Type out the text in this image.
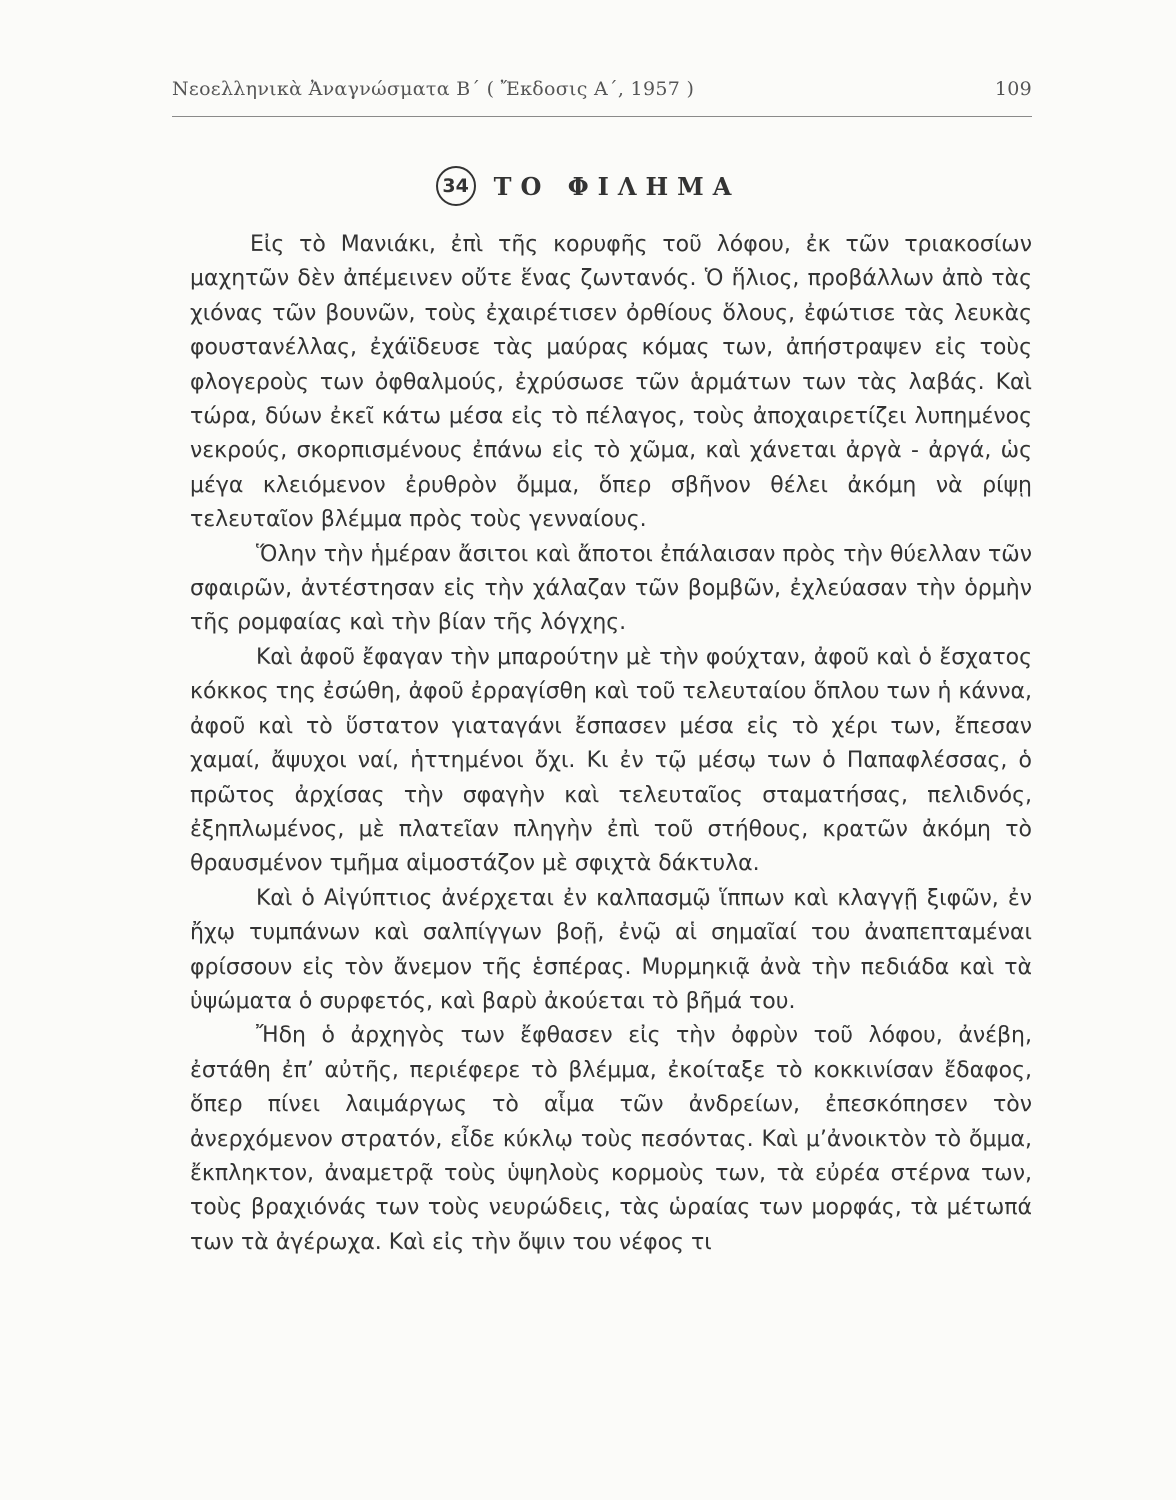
Νεοελληνικὰ Ἀναγνώσματα Β΄ ( Ἔκδοσις Α΄, 1957 )	109
34 ΤΟ ΦΙΛΗΜΑ

Εἰς τὸ Μανιάκι, ἐπὶ τῆς κορυφῆς τοῦ λόφου, ἐκ τῶν τριακοσίων μαχητῶν δὲν ἀπέμεινεν οὔτε ἕνας ζωντανός. Ὁ ἥλιος, προβάλλων ἀπὸ τὰς χιόνας τῶν βουνῶν, τοὺς ἐχαιρέτισεν ὀρθίους ὅλους, ἐφώτισε τὰς λευκὰς φουστανέλλας, ἐχάϊδευσε τὰς μαύρας κόμας των, ἀπήστραψεν εἰς τοὺς φλογεροὺς των ὀφθαλμούς, ἐχρύσωσε τῶν ἁρμάτων των τὰς λαβάς. Καὶ τώρα, δύων ἐκεῖ κάτω μέσα εἰς τὸ πέλαγος, τοὺς ἀποχαιρετίζει λυπημένος νεκρούς, σκορπισμένους ἐπάνω εἰς τὸ χῶμα, καὶ χάνεται ἀργὰ - ἀργά, ὡς μέγα κλειόμενον ἐρυθρὸν ὄμμα, ὅπερ σβῆνον θέλει ἀκόμη νὰ ρίψῃ τελευταῖον βλέμμα πρὸς τοὺς γενναίους.

Ὅλην τὴν ἡμέραν ἄσιτοι καὶ ἄποτοι ἐπάλαισαν πρὸς τὴν θύελλαν τῶν σφαιρῶν, ἀντέστησαν εἰς τὴν χάλαζαν τῶν βομβῶν, ἐχλεύασαν τὴν ὁρμὴν τῆς ρομφαίας καὶ τὴν βίαν τῆς λόγχης.

Καὶ ἀφοῦ ἔφαγαν τὴν μπαρούτην μὲ τὴν φούχταν, ἀφοῦ καὶ ὁ ἔσχατος κόκκος της ἐσώθη, ἀφοῦ ἐρραγίσθη καὶ τοῦ τελευταίου ὅπλου των ἡ κάννα, ἀφοῦ καὶ τὸ ὕστατον γιαταγάνι ἔσπασεν μέσα εἰς τὸ χέρι των, ἔπεσαν χαμαί, ἄψυχοι ναί, ἡττημένοι ὄχι. Κι ἐν τῷ μέσῳ των ὁ Παπαφλέσσας, ὁ πρῶτος ἀρχίσας τὴν σφαγὴν καὶ τελευταῖος σταματήσας, πελιδνός, ἐξηπλωμένος, μὲ πλατεῖαν πληγὴν ἐπὶ τοῦ στήθους, κρατῶν ἀκόμη τὸ θραυσμένον τμῆμα αἱμοστάζον μὲ σφιχτὰ δάκτυλα.

Καὶ ὁ Αἰγύπτιος ἀνέρχεται ἐν καλπασμῷ ἵππων καὶ κλαγγῇ ξιφῶν, ἐν ἤχῳ τυμπάνων καὶ σαλπίγγων βοῇ, ἐνῷ αἱ σημαῖαί του ἀναπεπταμέναι φρίσσουν εἰς τὸν ἄνεμον τῆς ἑσπέρας. Μυρμηκιᾷ ἀνὰ τὴν πεδιάδα καὶ τὰ ὑψώματα ὁ συρφετός, καὶ βαρὺ ἀκούεται τὸ βῆμά του.

Ἤδη ὁ ἀρχηγὸς των ἔφθασεν εἰς τὴν ὀφρὺν τοῦ λόφου, ἀνέβη, ἐστάθη ἐπ’ αὐτῆς, περιέφερε τὸ βλέμμα, ἐκοίταξε τὸ κοκκινίσαν ἔδαφος, ὅπερ πίνει λαιμάργως τὸ αἷμα τῶν ἀνδρείων, ἐπεσκόπησεν τὸν ἀνερχόμενον στρατόν, εἶδε κύκλῳ τοὺς πεσόντας. Καὶ μ’ἀνοικτὸν τὸ ὄμμα, ἔκπληκτον, ἀναμετρᾷ τοὺς ὑψηλοὺς κορμοὺς των, τὰ εὐρέα στέρνα των, τοὺς βραχιόνάς των τοὺς νευρώδεις, τὰς ὡραίας των μορφάς, τὰ μέτωπά των τὰ ἀγέρωχα. Καὶ εἰς τὴν ὄψιν του νέφος τι
